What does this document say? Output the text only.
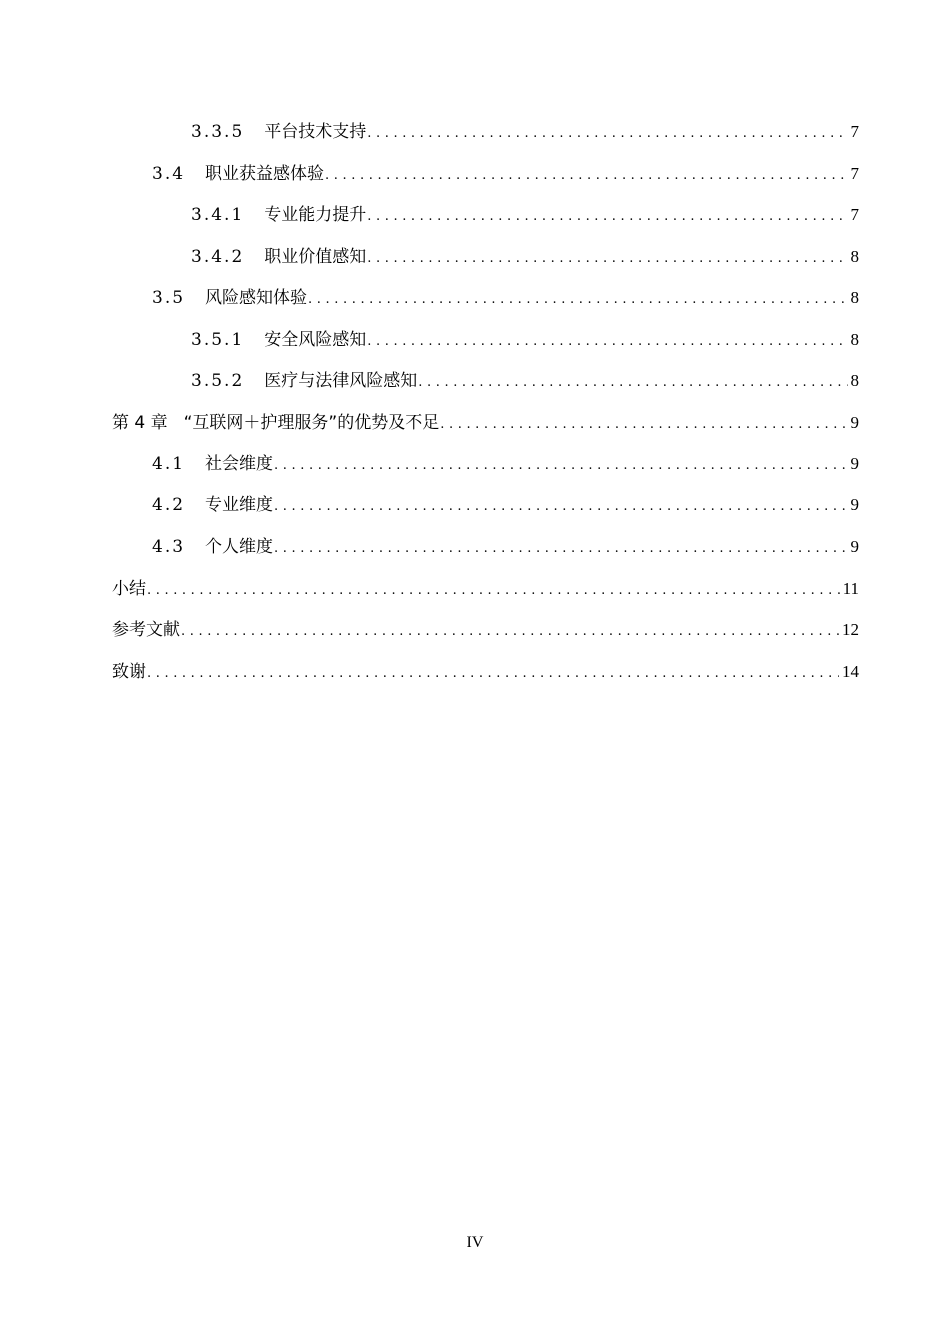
3.3.5 平台技术支持 .....	7
3.4 职业获益感体验 .....	7
3.4.1 专业能力提升 .....	7
3.4.2 职业价值感知 .....	8
3.5 风险感知体验 .....	8
3.5.1 安全风险感知 .....	8
3.5.2 医疗与法律风险感知 .....	8
第 4 章 “互联网＋护理服务”的优势及不足 .....	9
4.1 社会维度 .....	9
4.2 专业维度 .....	9
4.3 个人维度 .....	9
小结 .....	11
参考文献 .....	12
致谢 .....	14
IV
